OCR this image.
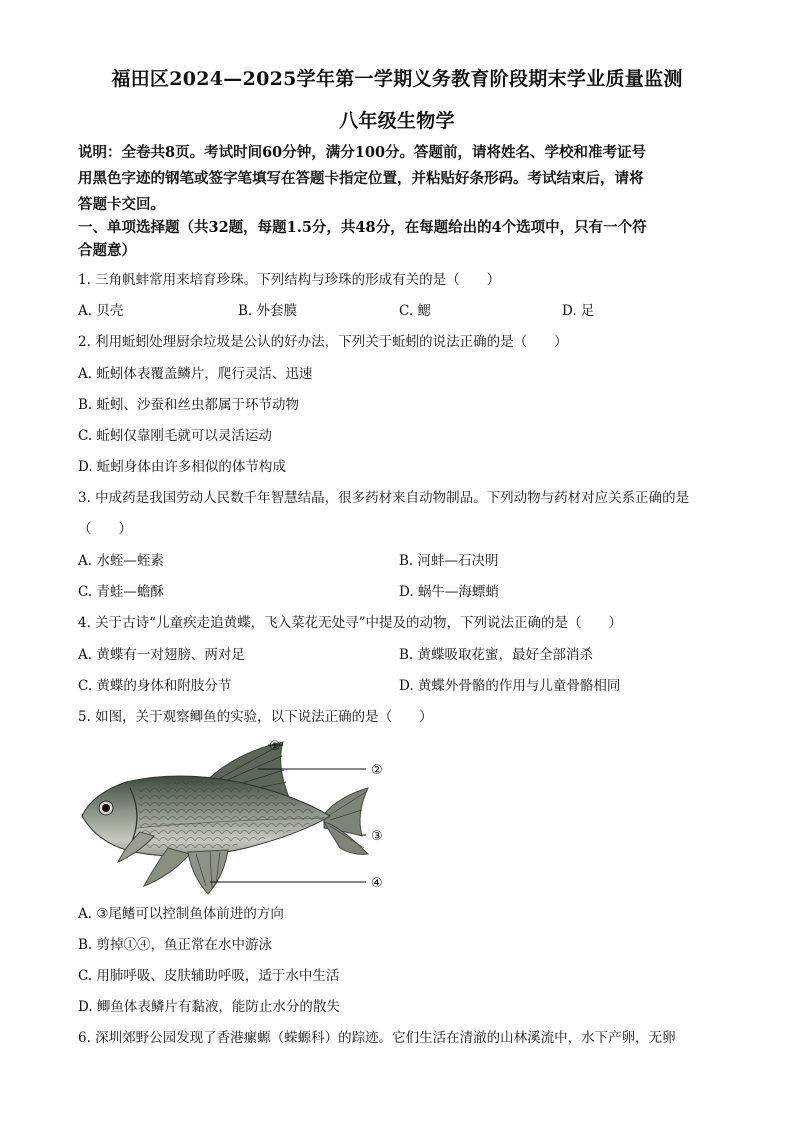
福田区2024—2025学年第一学期义务教育阶段期末学业质量监测
八年级生物学
说明：全卷共8页。考试时间60分钟，满分100分。答题前，请将姓名、学校和准考证号
用黑色字迹的钢笔或签字笔填写在答题卡指定位置，并粘贴好条形码。考试结束后，请将
答题卡交回。
一、单项选择题（共32题，每题1.5分，共48分，在每题给出的4个选项中，只有一个符
合题意）
1. 三角帆蚌常用来培育珍珠。下列结构与珍珠的形成有关的是（　　）
A. 贝壳	B. 外套膜	C. 鳃	D. 足
2. 利用蚯蚓处理厨余垃圾是公认的好办法，下列关于蚯蚓的说法正确的是（　　）
A. 蚯蚓体表覆盖鳞片，爬行灵活、迅速
B. 蚯蚓、沙蚕和丝虫都属于环节动物
C. 蚯蚓仅靠刚毛就可以灵活运动
D. 蚯蚓身体由许多相似的体节构成
3. 中成药是我国劳动人民数千年智慧结晶，很多药材来自动物制品。下列动物与药材对应关系正确的是
（　　）
A. 水蛭—蛭素	B. 河蚌—石决明
C. 青蛙—蟾酥	D. 蜗牛—海螵蛸
4. 关于古诗“儿童疾走追黄蝶，飞入菜花无处寻”中提及的动物，下列说法正确的是（　　）
A. 黄蝶有一对翅膀、两对足	B. 黄蝶吸取花蜜，最好全部消杀
C. 黄蝶的身体和附肢分节	D. 黄蝶外骨骼的作用与儿童骨骼相同
5. 如图，关于观察鲫鱼的实验，以下说法正确的是（　　）
①
②
③
④
A. ③尾鳍可以控制鱼体前进的方向
B. 剪掉①④，鱼正常在水中游泳
C. 用肺呼吸、皮肤辅助呼吸，适于水中生活
D. 鲫鱼体表鳞片有黏液，能防止水分的散失
6. 深圳郊野公园发现了香港瘰螈（蝾螈科）的踪迹。它们生活在清澈的山林溪流中，水下产卵，无卵
